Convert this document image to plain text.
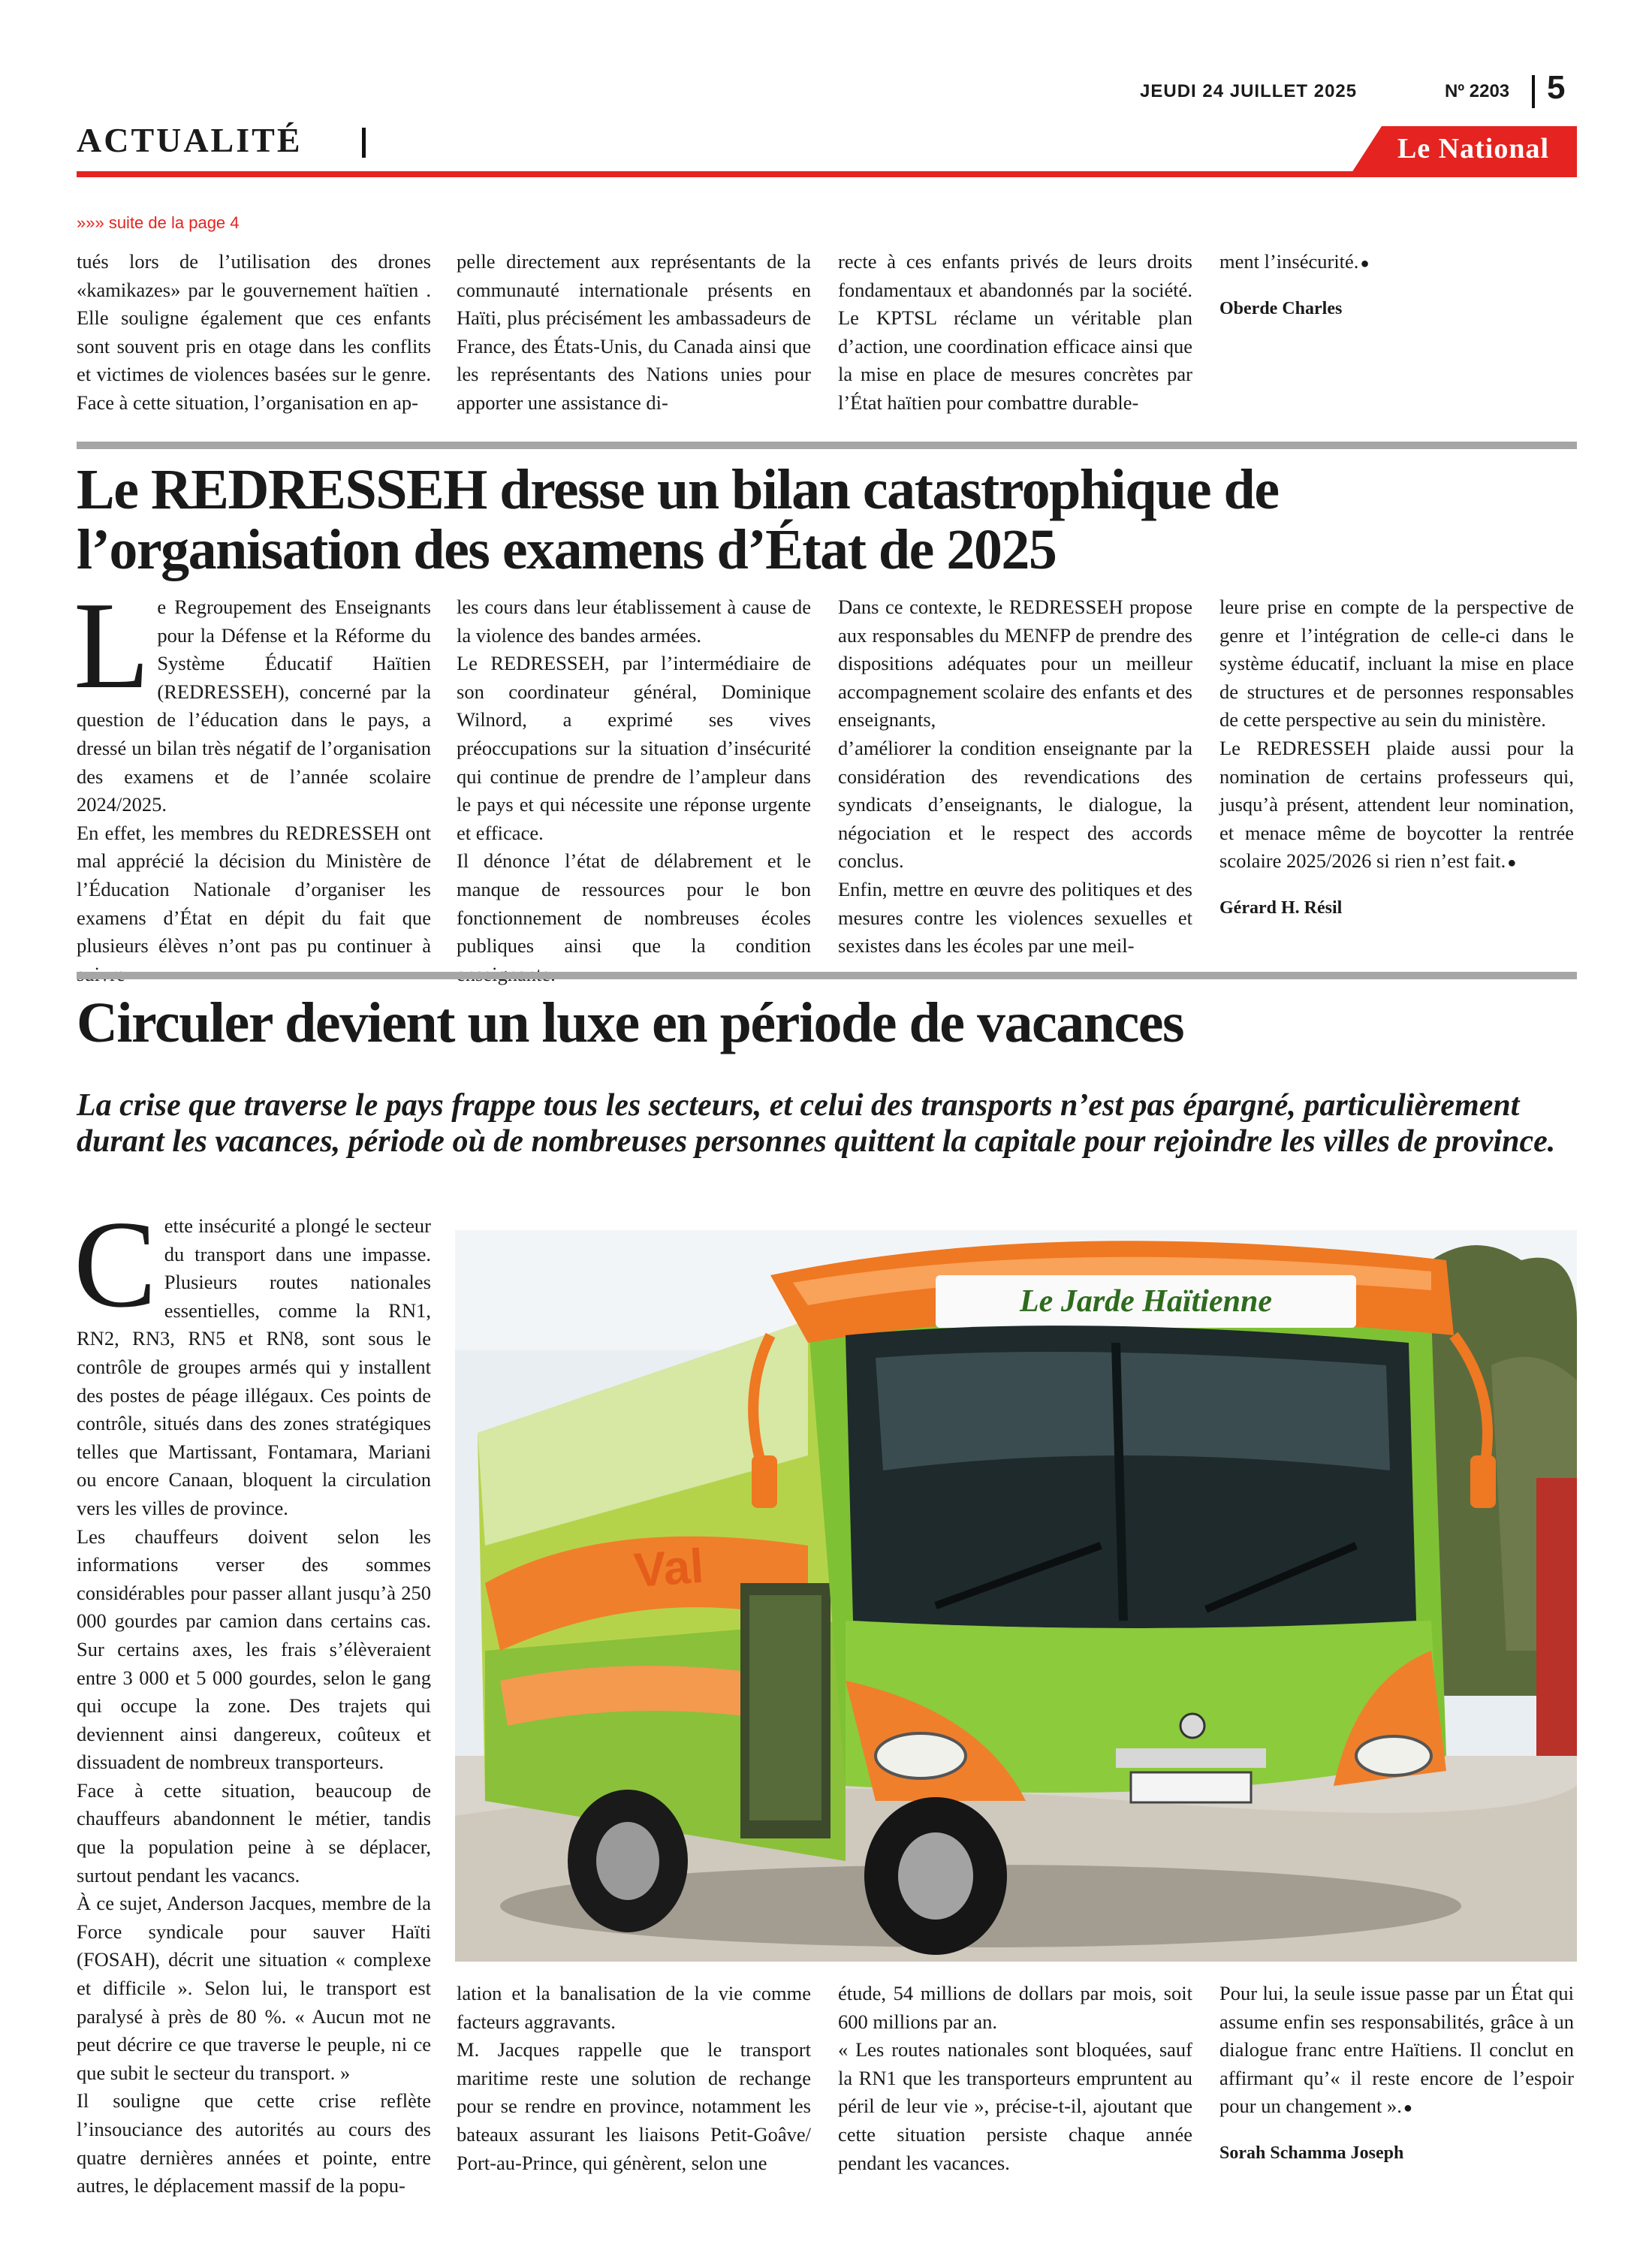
JEUDI 24 JUILLET 2025	Nº 2203 5
ACTUALITÉ	Le National
»»» suite de la page 4

tués lors de l’utilisation des drones «kamikazes» par le gouvernement haïtien . Elle souligne également que ces enfants sont souvent pris en otage dans les conflits et victimes de violences basées sur le genre. Face à cette situation, l’organisation en ap-

pelle directement aux représentants de la communauté internationale présents en Haïti, plus précisément les ambassadeurs de France, des États-Unis, du Canada ainsi que les représentants des Nations unies pour apporter une assistance di-

recte à ces enfants privés de leurs droits fondamentaux et abandonnés par la société. Le KPTSL réclame un véritable plan d’action, une coordination efficace ainsi que la mise en place de mesures concrètes par l’État haïtien pour combattre durable-

ment l’insécurité. ●

Oberde Charles

Le REDRESSEH dresse un bilan catastrophique de
l’organisation des examens d’État de 2025

Le Regroupement des Enseignants pour la Défense et la Réforme du Système Éducatif Haïtien (REDRESSEH), concerné par la question de l’éducation dans le pays, a dressé un bilan très négatif de l’organisation des examens et de l’année scolaire 2024/2025.

En effet, les membres du REDRESSEH ont mal apprécié la décision du Ministère de l’Éducation Nationale d’organiser les examens d’État en dépit du fait que plusieurs élèves n’ont pas pu continuer à

les cours dans leur établissement à cause de la violence des bandes armées.

Le REDRESSEH, par l’intermédiaire de son coordinateur général, Dominique Wilnord, a exprimé ses vives préoccupations sur la situation d’insécurité qui continue de prendre de l’ampleur dans le pays et qui nécessite une réponse urgente et efficace.

Il dénonce l’état de délabrement et le manque de ressources pour le bon fonctionnement de nombreuses écoles publiques ainsi que la condition

Dans ce contexte, le REDRESSEH propose aux responsables du MENFP de prendre des dispositions adéquates pour un meilleur accompagnement scolaire des enfants et des enseignants,

d’améliorer la condition enseignante par la considération des revendications des syndicats d’enseignants, le dialogue, la négociation et le respect des accords conclus.

Enfin, mettre en œuvre des politiques et des mesures contre les violences sexuelles et sexistes dans les écoles par une meil-

leure prise en compte de la perspective de genre et l’intégration de celle-ci dans le système éducatif, incluant la mise en place de structures et de personnes responsables de cette perspective au sein du ministère.

Le REDRESSEH plaide aussi pour la nomination de certains professeurs qui, jusqu’à présent, attendent leur nomination, et menace même de boycotter la rentrée scolaire 2025/2026 si rien n’est fait. ●

Gérard H. Résil

Circuler devient un luxe en période de vacances
La crise que traverse le pays frappe tous les secteurs, et celui des transports n’est pas épargné, particulièrement durant les vacances, période où de nombreuses personnes quittent la capitale pour rejoindre les villes de province.

Cette insécurité a plongé le secteur du transport dans une impasse. Plusieurs routes nationales essentielles, comme la RN1, RN2, RN3, RN5 et RN8, sont sous le contrôle de groupes armés qui y installent des postes de péage illégaux. Ces points de contrôle, situés dans des zones stratégiques telles que Martissant, Fontamara, Mariani ou encore Canaan, bloquent la circulation vers les villes de province.

Les chauffeurs doivent selon les informations verser des sommes considérables pour passer allant jusqu’à 250 000 gourdes par camion dans certains cas. Sur certains axes, les frais s’élèveraient entre 3 000 et 5 000 gourdes, selon le gang qui occupe la zone. Des trajets qui deviennent ainsi dangereux, coûteux et dissuadent de nombreux transporteurs.

Face à cette situation, beaucoup de chauffeurs abandonnent le métier, tandis que la population peine à se déplacer, surtout pendant les vacancs.

À ce sujet, Anderson Jacques, membre de la Force syndicale pour sauver Haïti (FOSAH), décrit une situation « complexe et difficile ». Selon lui, le transport est paralysé à près de 80 %. « Aucun mot ne peut décrire ce que traverse le peuple, ni ce que subit le secteur du transport. »

Il souligne que cette crise reflète l’insouciance des autorités au cours des quatre dernières années et pointe, entre autres, le déplacement massif de la popu-

Val
Le Jarde Haïtienne

lation et la banalisation de la vie comme facteurs aggravants.

M. Jacques rappelle que le transport maritime reste une solution de rechange pour se rendre en province, notamment les bateaux assurant les liaisons Petit-Goâve/ Port-au-Prince, qui génèrent, selon une

étude, 54 millions de dollars par mois, soit 600 millions par an.

« Les routes nationales sont bloquées, sauf la RN1 que les transporteurs empruntent au péril de leur vie », précise-t-il, ajoutant que cette situation persiste chaque année pendant les vacances.

Pour lui, la seule issue passe par un État qui assume enfin ses responsabilités, grâce à un dialogue franc entre Haïtiens. Il conclut en affirmant qu’« il reste encore de l’espoir pour un changement ». ●

Sorah Schamma Joseph
